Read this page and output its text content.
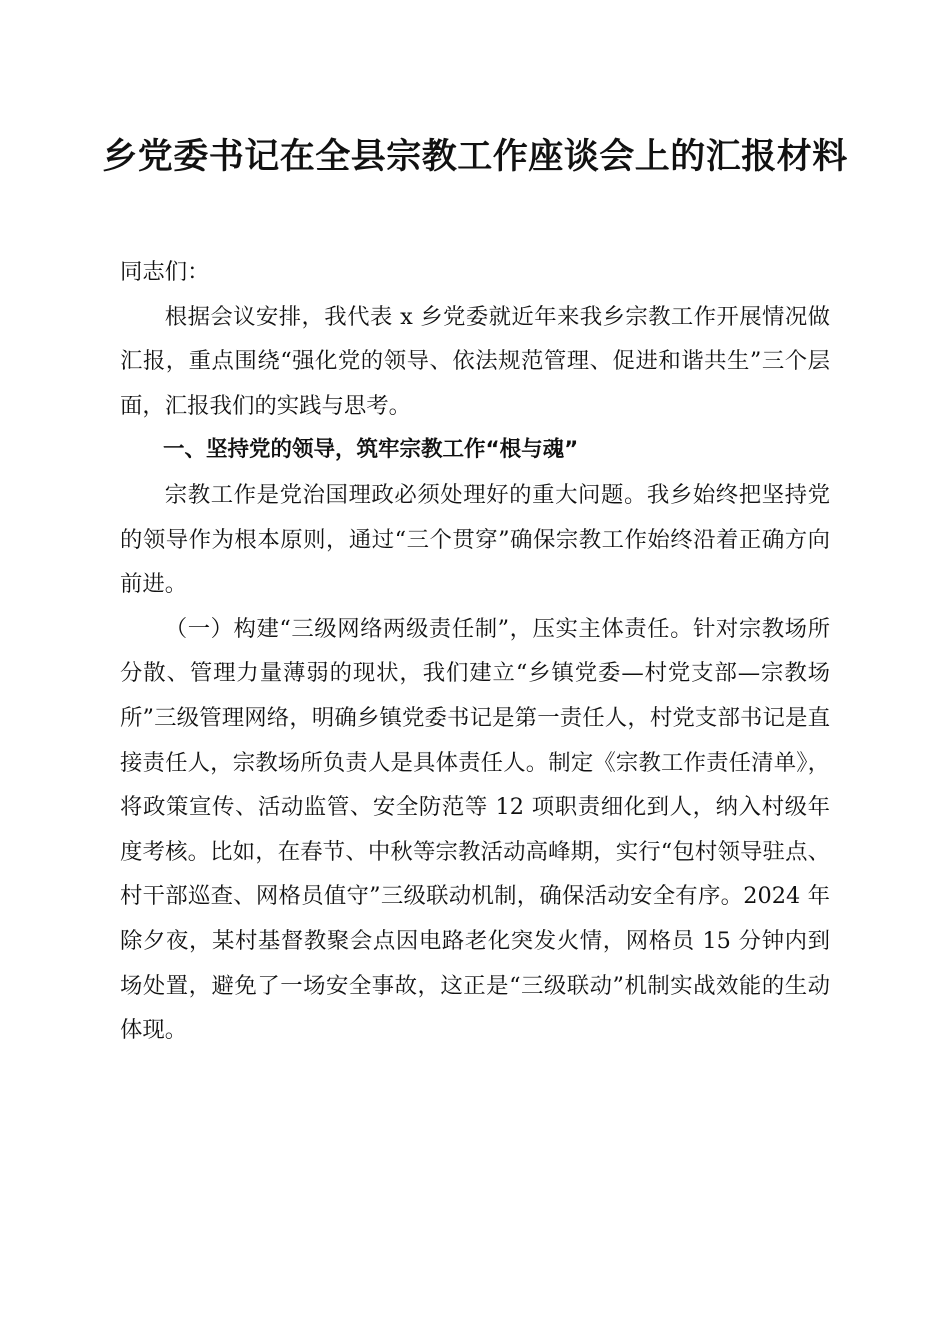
乡党委书记在全县宗教工作座谈会上的汇报材料

同志们：

根据会议安排，我代表 x 乡党委就近年来我乡宗教工作开展情况做汇报，重点围绕“强化党的领导、依法规范管理、促进和谐共生”三个层面，汇报我们的实践与思考。

一、坚持党的领导，筑牢宗教工作“根与魂”

宗教工作是党治国理政必须处理好的重大问题。我乡始终把坚持党的领导作为根本原则，通过“三个贯穿”确保宗教工作始终沿着正确方向前进。

（一）构建“三级网络两级责任制”，压实主体责任。针对宗教场所分散、管理力量薄弱的现状，我们建立“乡镇党委—村党支部—宗教场所”三级管理网络，明确乡镇党委书记是第一责任人，村党支部书记是直接责任人，宗教场所负责人是具体责任人。制定《宗教工作责任清单》，将政策宣传、活动监管、安全防范等 12 项职责细化到人，纳入村级年度考核。比如，在春节、中秋等宗教活动高峰期，实行“包村领导驻点、村干部巡查、网格员值守”三级联动机制，确保活动安全有序。2024 年除夕夜，某村基督教聚会点因电路老化突发火情，网格员 15 分钟内到场处置，避免了一场安全事故，这正是“三级联动”机制实战效能的生动体现。
